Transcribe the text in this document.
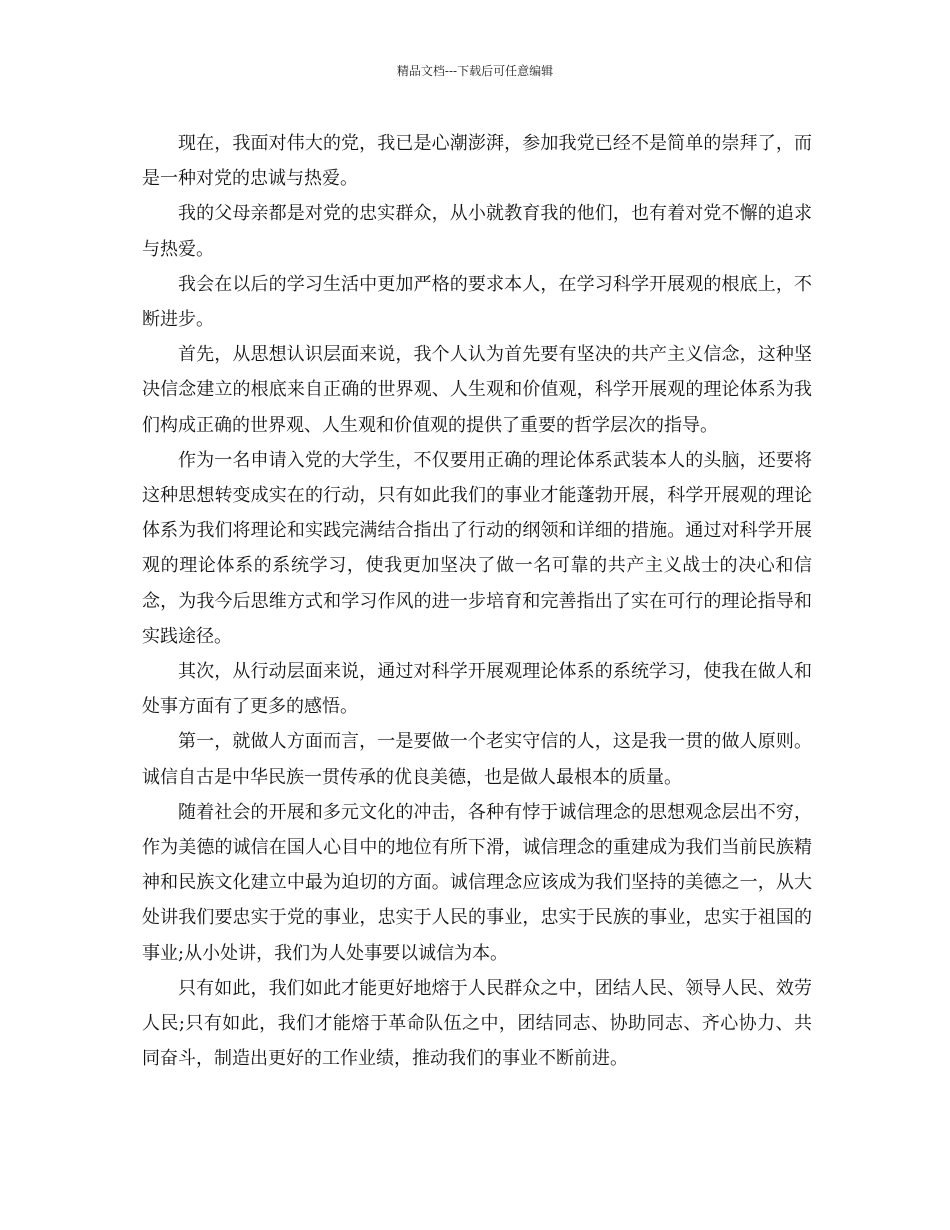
精品文档---下载后可任意编辑

现在，我面对伟大的党，我已是心潮澎湃，参加我党已经不是简单的崇拜了，而是一种对党的忠诚与热爱。

我的父母亲都是对党的忠实群众，从小就教育我的他们，也有着对党不懈的追求与热爱。

我会在以后的学习生活中更加严格的要求本人，在学习科学开展观的根底上，不断进步。

首先，从思想认识层面来说，我个人认为首先要有坚决的共产主义信念，这种坚决信念建立的根底来自正确的世界观、人生观和价值观，科学开展观的理论体系为我们构成正确的世界观、人生观和价值观的提供了重要的哲学层次的指导。

作为一名申请入党的大学生，不仅要用正确的理论体系武装本人的头脑，还要将这种思想转变成实在的行动，只有如此我们的事业才能蓬勃开展，科学开展观的理论体系为我们将理论和实践完满结合指出了行动的纲领和详细的措施。通过对科学开展观的理论体系的系统学习，使我更加坚决了做一名可靠的共产主义战士的决心和信念，为我今后思维方式和学习作风的进一步培育和完善指出了实在可行的理论指导和实践途径。

其次，从行动层面来说，通过对科学开展观理论体系的系统学习，使我在做人和处事方面有了更多的感悟。

第一，就做人方面而言，一是要做一个老实守信的人，这是我一贯的做人原则。诚信自古是中华民族一贯传承的优良美德，也是做人最根本的质量。

随着社会的开展和多元文化的冲击，各种有悖于诚信理念的思想观念层出不穷，作为美德的诚信在国人心目中的地位有所下滑，诚信理念的重建成为我们当前民族精神和民族文化建立中最为迫切的方面。诚信理念应该成为我们坚持的美德之一，从大处讲我们要忠实于党的事业，忠实于人民的事业，忠实于民族的事业，忠实于祖国的事业;从小处讲，我们为人处事要以诚信为本。

只有如此，我们如此才能更好地熔于人民群众之中，团结人民、领导人民、效劳人民;只有如此，我们才能熔于革命队伍之中，团结同志、协助同志、齐心协力、共同奋斗，制造出更好的工作业绩，推动我们的事业不断前进。
